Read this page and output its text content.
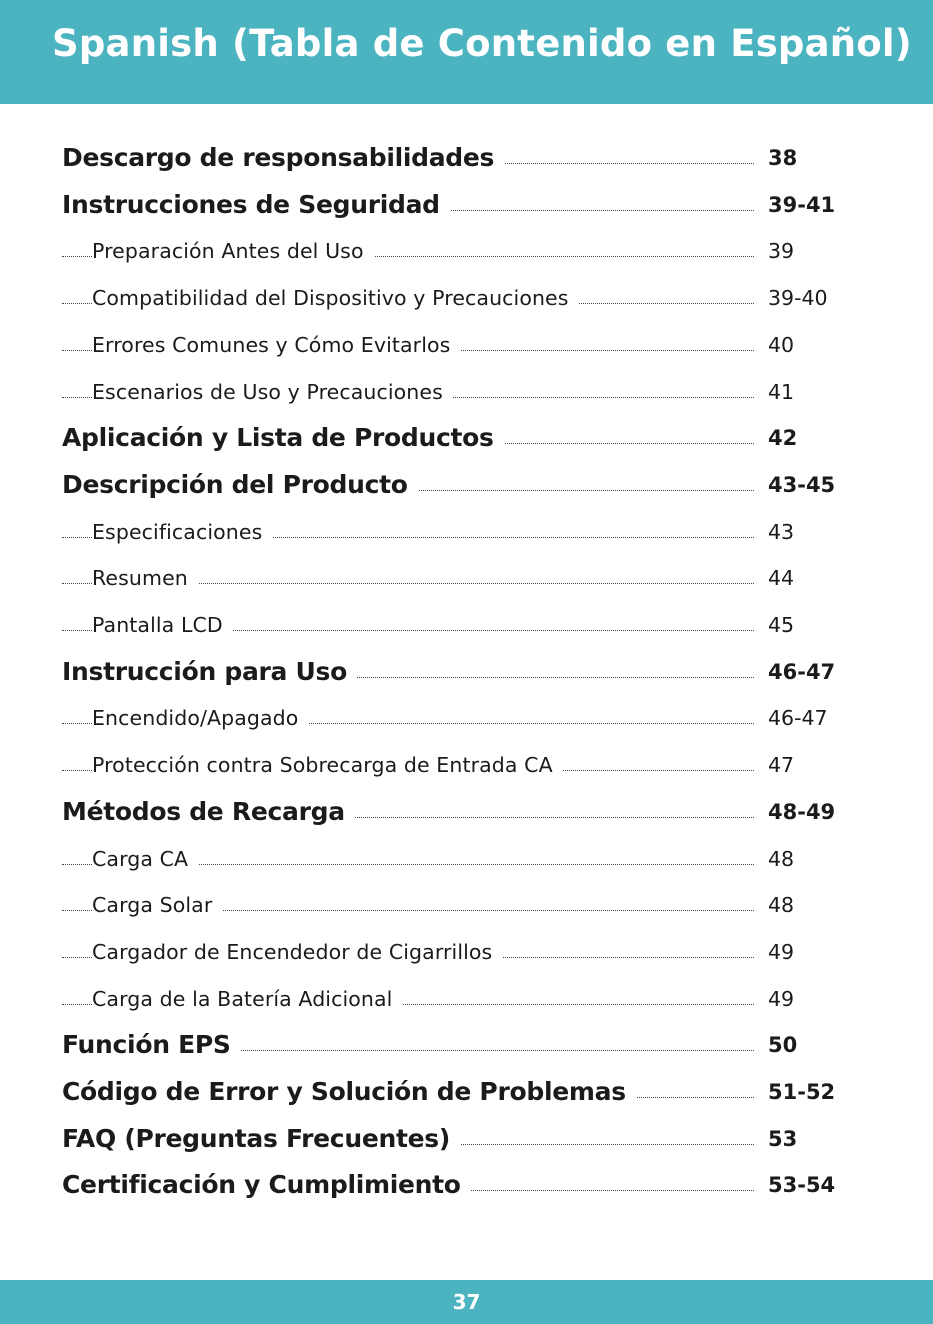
Spanish (Tabla de Contenido en Español)
Descargo de responsabilidades	38
Instrucciones de Seguridad	39-41
Preparación Antes del Uso	39
Compatibilidad del Dispositivo y Precauciones	39-40
Errores Comunes y Cómo Evitarlos	40
Escenarios de Uso y Precauciones	41
Aplicación y Lista de Productos	42
Descripción del Producto	43-45
Especificaciones	43
Resumen	44
Pantalla LCD	45
Instrucción para Uso	46-47
Encendido/Apagado	46-47
Protección contra Sobrecarga de Entrada CA	47
Métodos de Recarga	48-49
Carga CA	48
Carga Solar	48
Cargador de Encendedor de Cigarrillos	49
Carga de la Batería Adicional	49
Función EPS	50
Código de Error y Solución de Problemas	51-52
FAQ (Preguntas Frecuentes)	53
Certificación y Cumplimiento	53-54
37
